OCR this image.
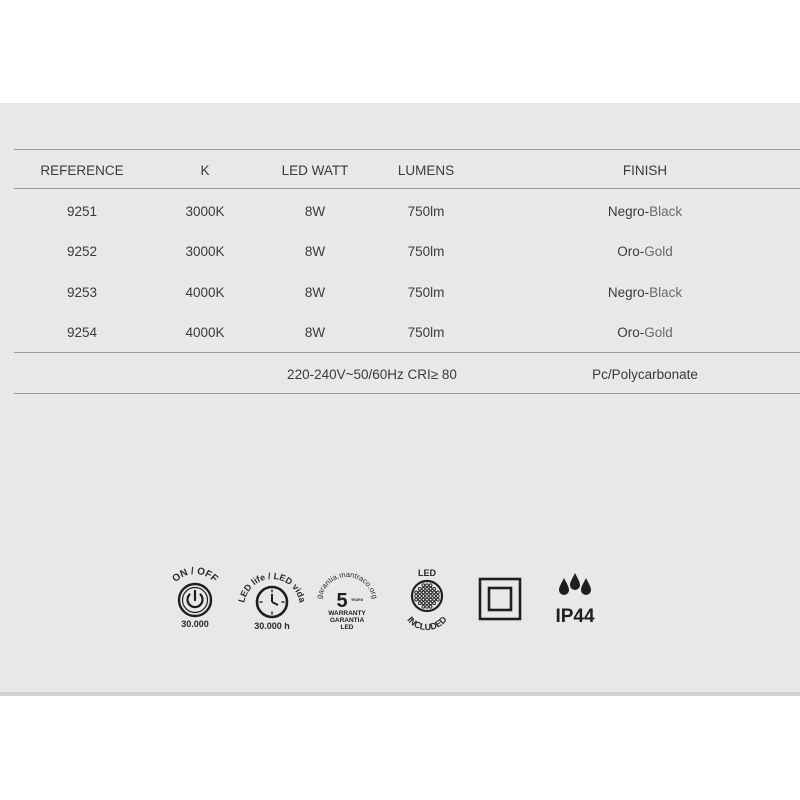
REFERENCE	K	LED WATT	LUMENS	FINISH
9251	3000K	8W	750lm	Negro-Black
9252	3000K	8W	750lm	Oro-Gold
9253	4000K	8W	750lm	Negro-Black
9254	4000K	8W	750lm	Oro-Gold
220-240V~50/60Hz CRI≥ 80	Pc/Polycarbonate
ON / OFF
30.000
LED life / LED vida
30.000 h
garantia.mantraco.org
5 YEARS
WARRANTY
GARANTIA
LED
LED
INCLUDED	IP44
